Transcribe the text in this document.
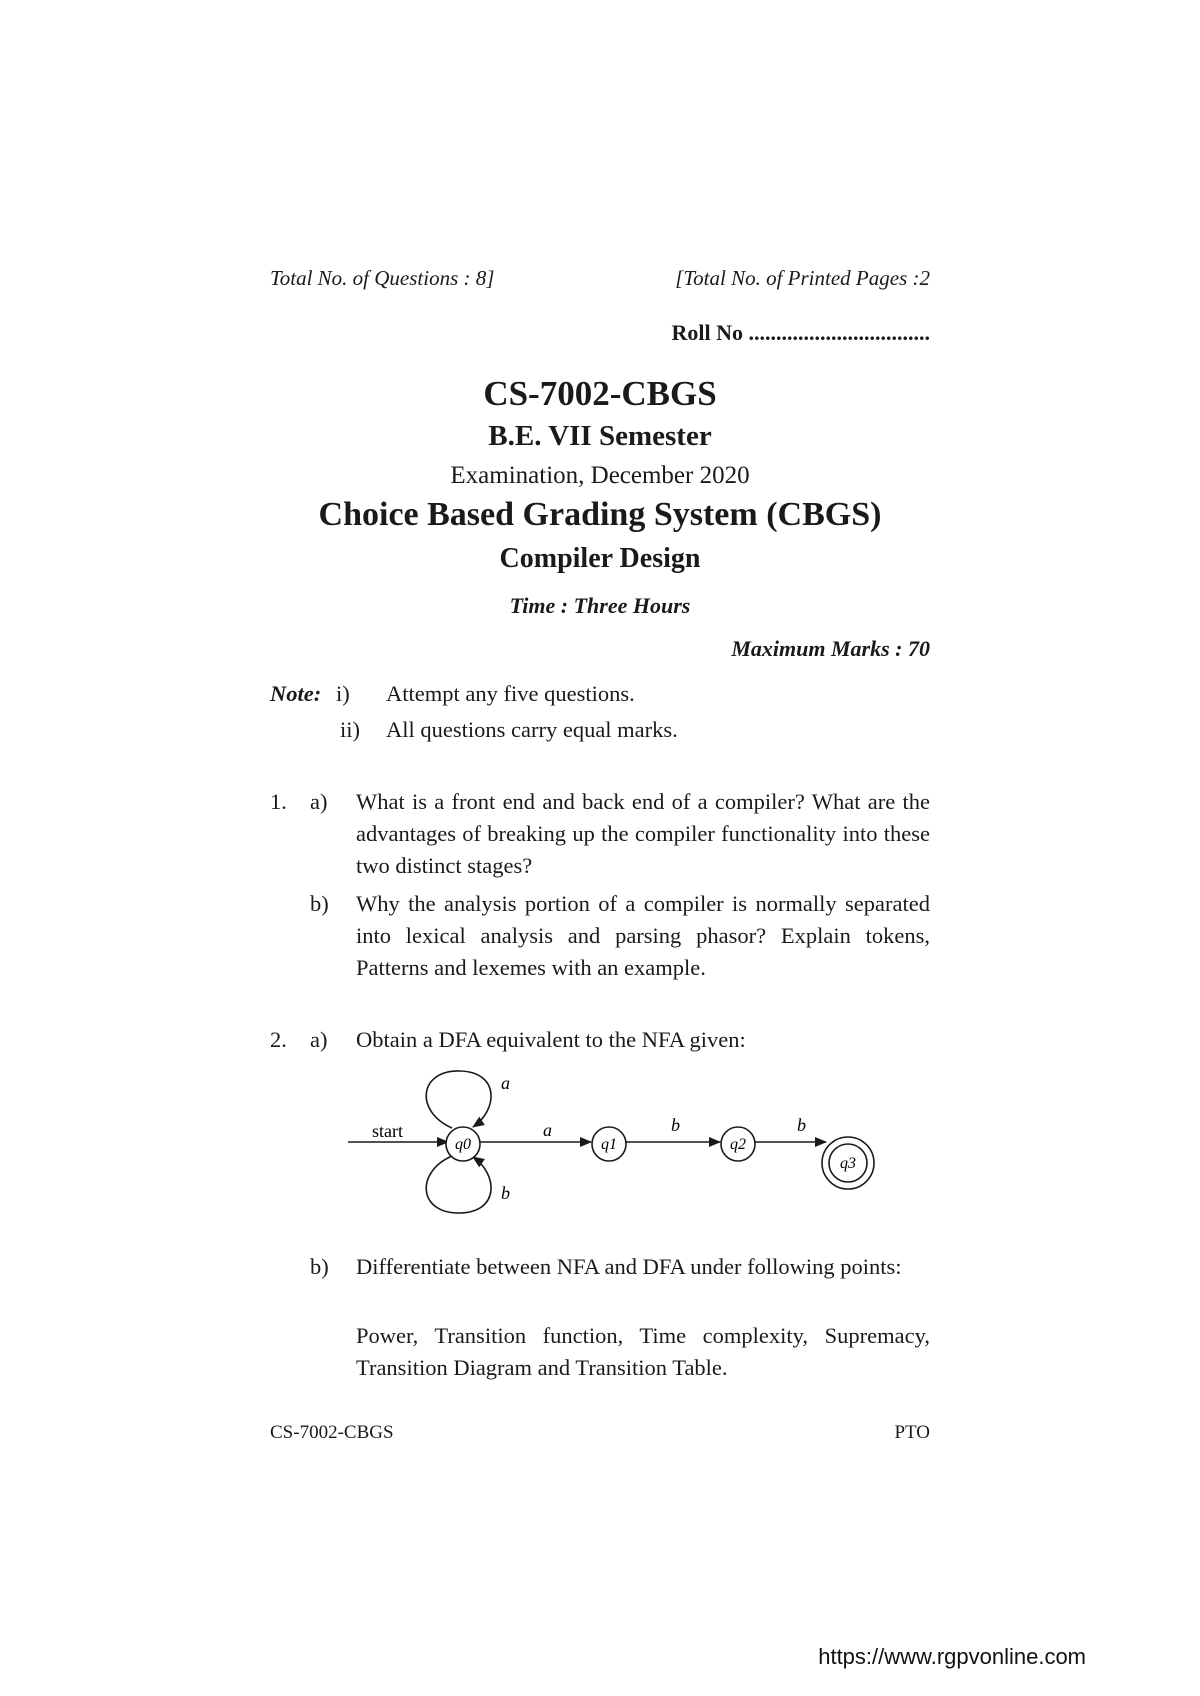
Total No. of Questions : 8]	[Total No. of Printed Pages :2
Roll No .................................
CS-7002-CBGS
B.E. VII Semester
Examination, December 2020
Choice Based Grading System (CBGS)
Compiler Design
Time : Three Hours
Maximum Marks : 70
Note: i) Attempt any five questions.
ii) All questions carry equal marks.
1. a) What is a front end and back end of a compiler? What are the advantages of breaking up the compiler functionality into these two distinct stages?
b) Why the analysis portion of a compiler is normally separated into lexical analysis and parsing phasor? Explain tokens, Patterns and lexemes with an example.
2. a) Obtain a DFA equivalent to the NFA given:
start
a
b
q0
a
q1
b
q2
b
q3
b) Differentiate between NFA and DFA under following points:
Power, Transition function, Time complexity, Supremacy, Transition Diagram and Transition Table.
CS-7002-CBGS	PTO
https://www.rgpvonline.com
